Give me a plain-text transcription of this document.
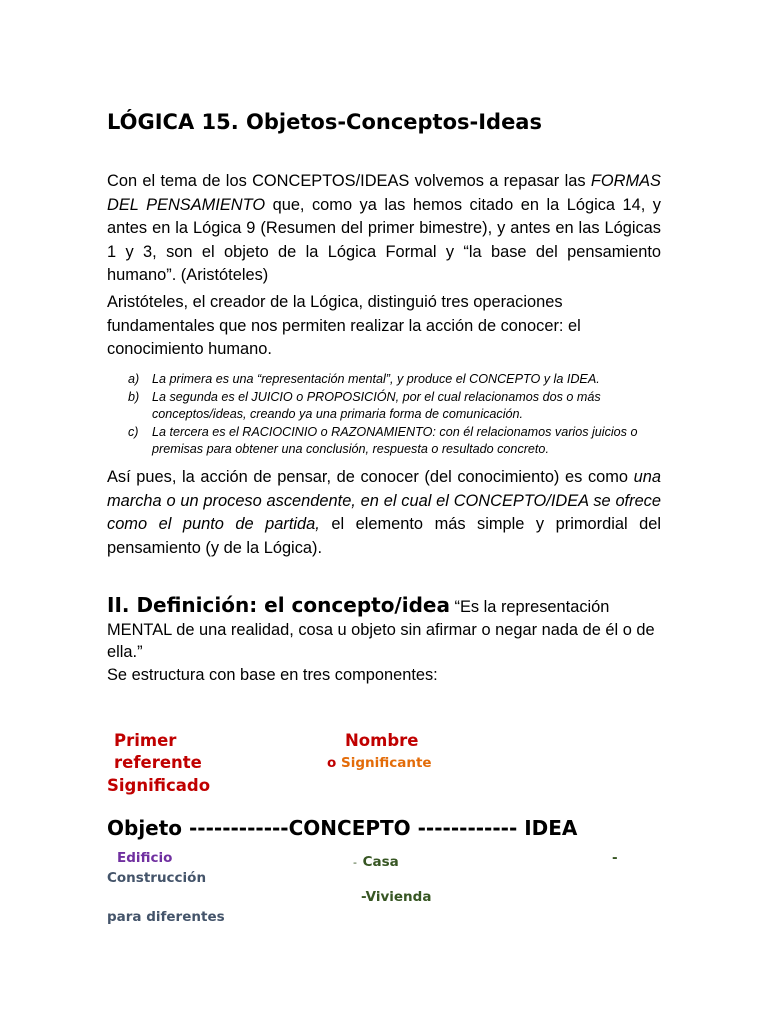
LÓGICA 15. Objetos-Conceptos-Ideas

Con el tema de los CONCEPTOS/IDEAS volvemos a repasar las FORMAS DEL PENSAMIENTO que, como ya las hemos citado en la Lógica 14, y antes en la Lógica 9 (Resumen del primer bimestre), y antes en las Lógicas 1 y 3, son el objeto de la Lógica Formal y “la base del pensamiento humano”. (Aristóteles)

Aristóteles, el creador de la Lógica, distinguió tres operaciones fundamentales que nos permiten realizar la acción de conocer: el conocimiento humano.

a) La primera es una “representación mental”, y produce el CONCEPTO y la IDEA.
b) La segunda es el JUICIO o PROPOSICIÓN, por el cual relacionamos dos o más conceptos/ideas, creando ya una primaria forma de comunicación.
c) La tercera es el RACIOCINIO o RAZONAMIENTO: con él relacionamos varios juicios o premisas para obtener una conclusión, respuesta o resultado concreto.

Así pues, la acción de pensar, de conocer (del conocimiento) es como una marcha o un proceso ascendente, en el cual el CONCEPTO/IDEA se ofrece como el punto de partida, el elemento más simple y primordial del pensamiento (y de la Lógica).

II. Definición: el concepto/idea “Es la representación MENTAL de una realidad, cosa u objeto sin afirmar o negar nada de él o de ella.”
Se estructura con base en tres componentes:
Primer
referente
Significado
Nombre
o Significante
Objeto ------------CONCEPTO ------------ IDEA
Edificio
Construcción
para diferentes
- Casa
-Vivienda
-
